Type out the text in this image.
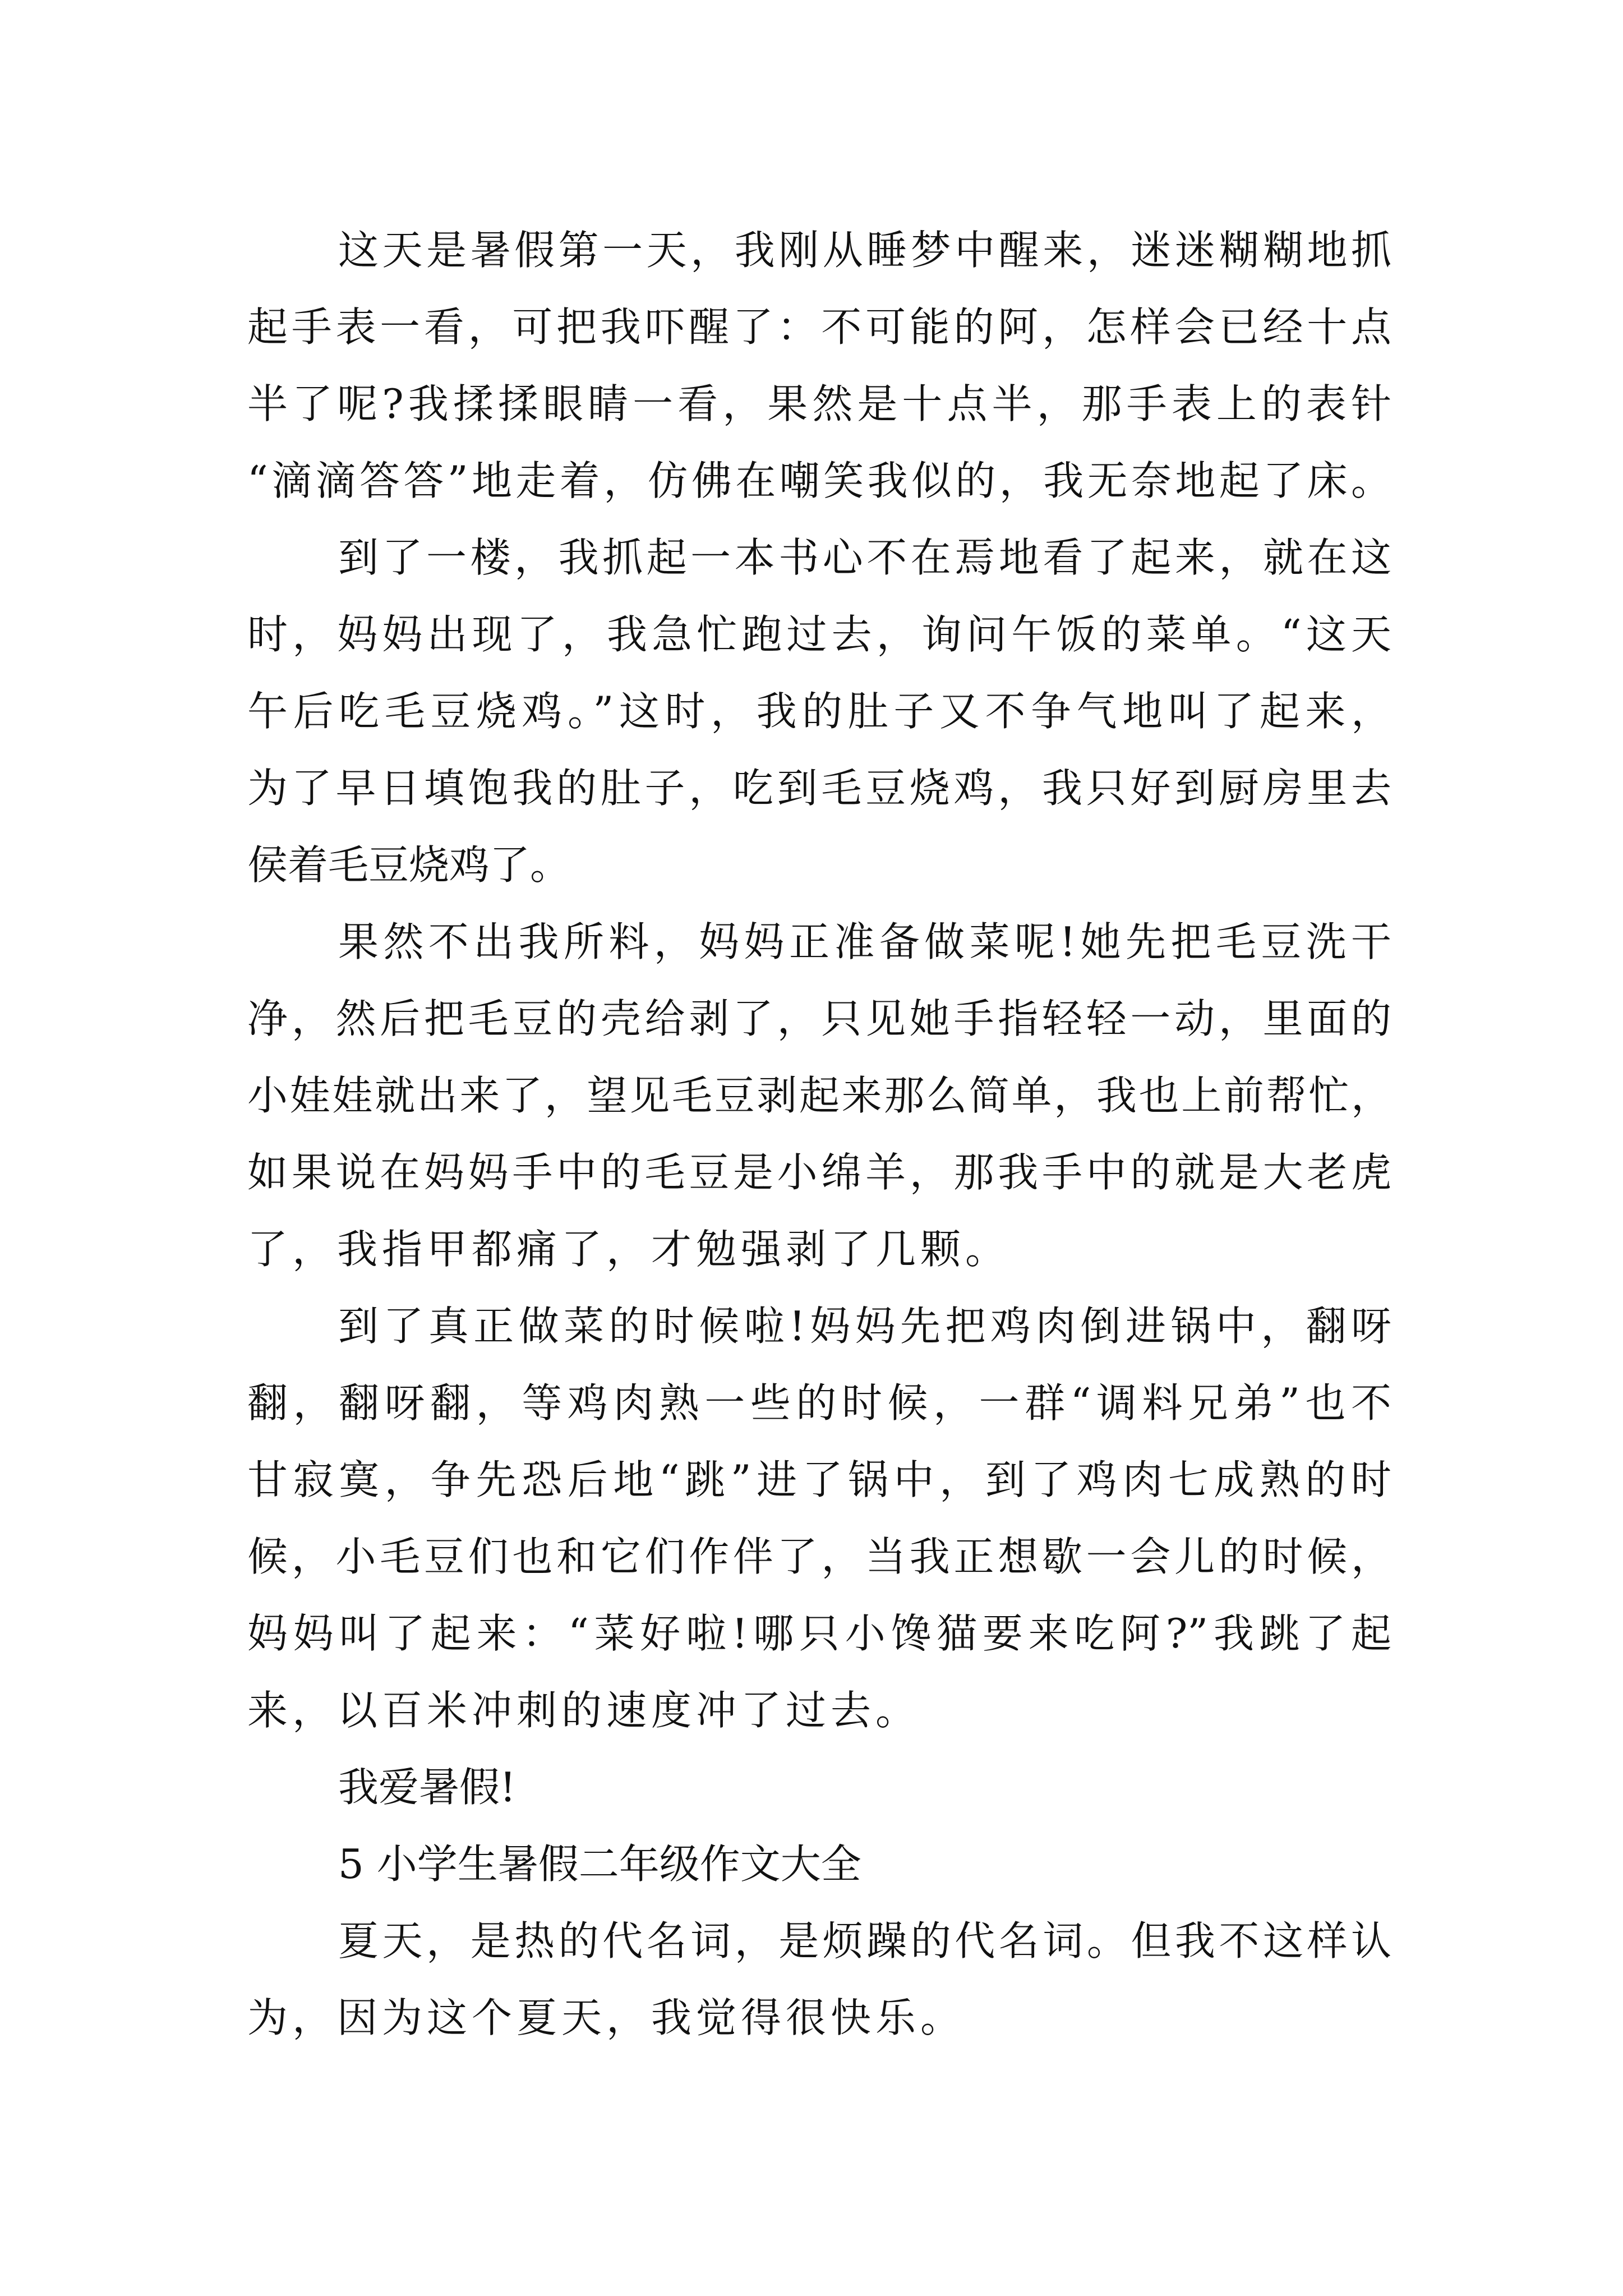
这天是暑假第一天，我刚从睡梦中醒来，迷迷糊糊地抓
起手表一看，可把我吓醒了：不可能的阿，怎样会已经十点
半了呢?我揉揉眼睛一看，果然是十点半，那手表上的表针
“滴滴答答”地走着，仿佛在嘲笑我似的，我无奈地起了床。
到了一楼，我抓起一本书心不在焉地看了起来，就在这
时，妈妈出现了，我急忙跑过去，询问午饭的菜单。“这天
午后吃毛豆烧鸡。”这时，我的肚子又不争气地叫了起来，
为了早日填饱我的肚子，吃到毛豆烧鸡，我只好到厨房里去
侯着毛豆烧鸡了。
果然不出我所料，妈妈正准备做菜呢!她先把毛豆洗干
净，然后把毛豆的壳给剥了，只见她手指轻轻一动，里面的
小娃娃就出来了，望见毛豆剥起来那么简单，我也上前帮忙，
如果说在妈妈手中的毛豆是小绵羊，那我手中的就是大老虎
了，我指甲都痛了，才勉强剥了几颗。
到了真正做菜的时候啦!妈妈先把鸡肉倒进锅中，翻呀
翻，翻呀翻，等鸡肉熟一些的时候，一群“调料兄弟”也不
甘寂寞，争先恐后地“跳”进了锅中，到了鸡肉七成熟的时
候，小毛豆们也和它们作伴了，当我正想歇一会儿的时候，
妈妈叫了起来：“菜好啦!哪只小馋猫要来吃阿?”我跳了起
来，以百米冲刺的速度冲了过去。
我爱暑假!
5 小学生暑假二年级作文大全
夏天，是热的代名词，是烦躁的代名词。但我不这样认
为，因为这个夏天，我觉得很快乐。
